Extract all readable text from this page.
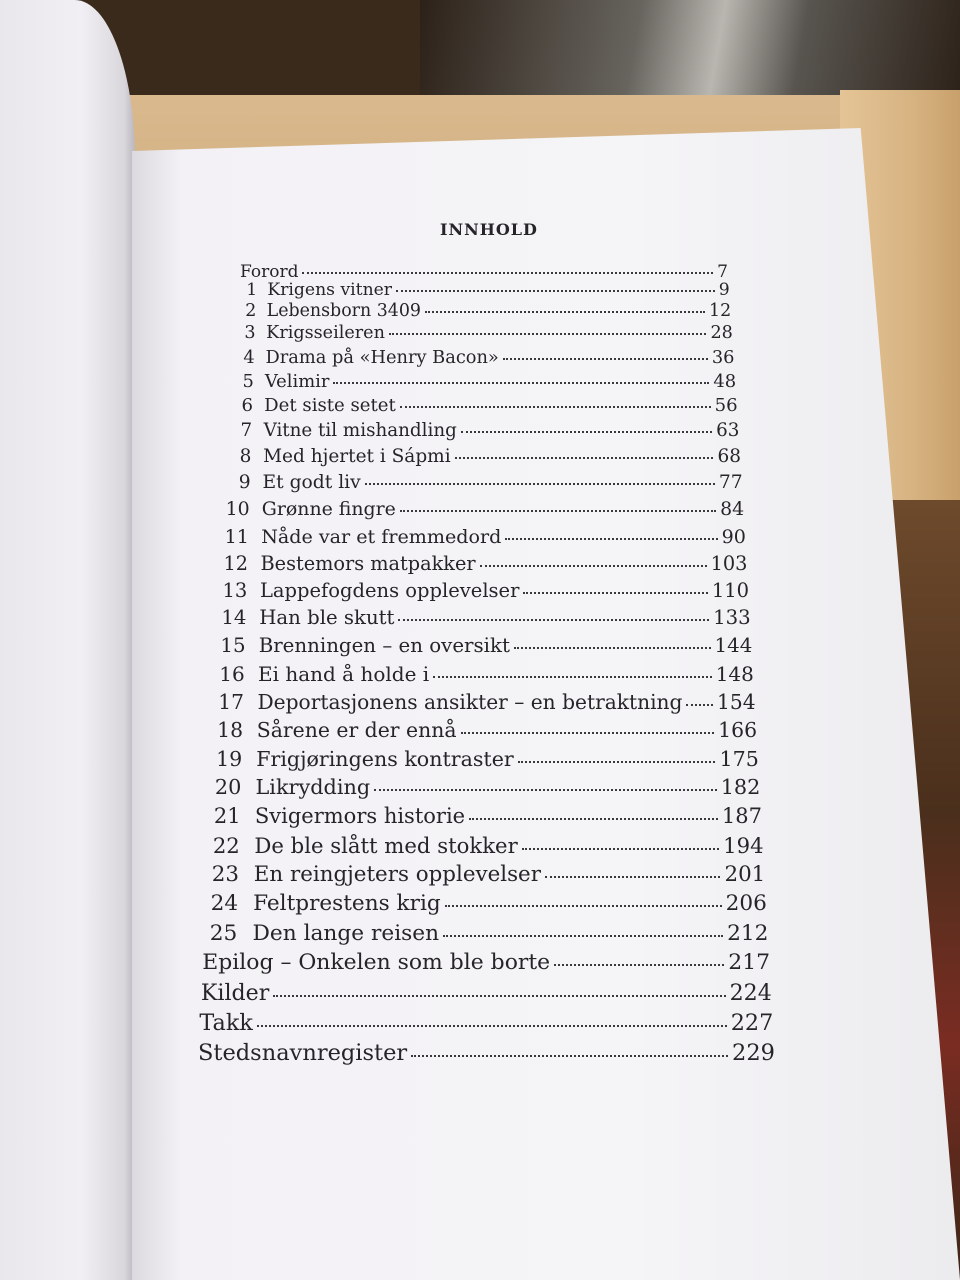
INNHOLD
Forord	7
1 Krigens vitner	9
2 Lebensborn 3409	12
3 Krigsseileren	28
4 Drama på «Henry Bacon»	36
5 Velimir	48
6 Det siste setet	56
7 Vitne til mishandling	63
8 Med hjertet i Sápmi	68
9 Et godt liv	77
10 Grønne fingre	84
11 Nåde var et fremmedord	90
12 Bestemors matpakker	103
13 Lappefogdens opplevelser	110
14 Han ble skutt	133
15 Brenningen – en oversikt	144
16 Ei hand å holde i	148
17 Deportasjonens ansikter – en betraktning 154
18 Sårene er der ennå	166
19 Frigjøringens kontraster	175
20 Likrydding	182
21 Svigermors historie	187
22 De ble slått med stokker	194
23 En reingjeters opplevelser	201
24 Feltprestens krig	206
25 Den lange reisen	212
Epilog – Onkelen som ble borte	217
Kilder	224
Takk	227
Stedsnavnregister	229
